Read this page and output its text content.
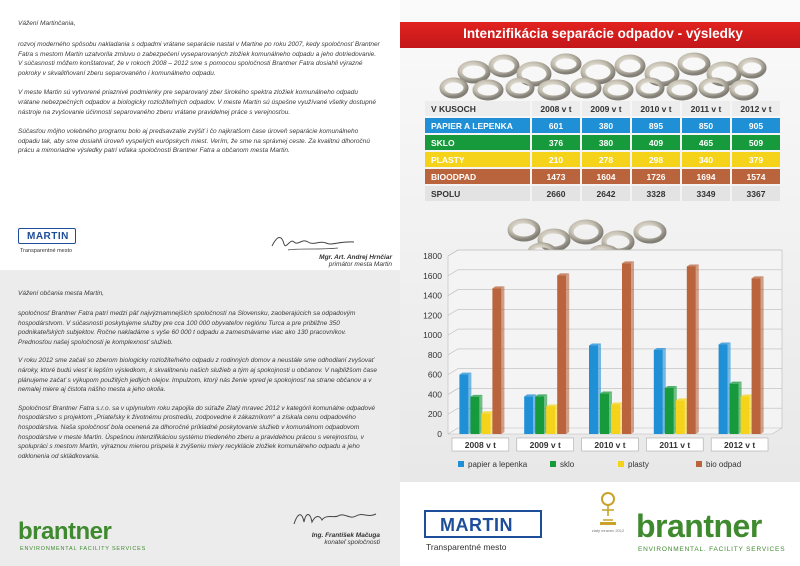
Vážení Martinčania,

rozvoj moderného spôsobu nakladania s odpadmi vrátane separácie nastal v Martine po roku 2007, kedy spoločnosť Brantner Fatra s mestom Martin uzatvorila zmluvu o zabezpečení vyseparovaných zložiek komunálneho odpadu a jeho dotriedovanie. V súčasnosti môžem konštatovať, že v rokoch 2008 – 2012 sme s pomocou spoločnosti Brantner Fatra dosiahli výrazné pokroky v skvalitňovaní zberu separovaného i komunálneho odpadu.

V meste Martin sú vytvorené priaznivé podmienky pre separovaný zber širokého spektra zložiek komunálneho odpadu vrátane nebezpečných odpadov a biologicky rozložiteľných odpadov. V meste Martin sú úspešne využívané všetky dostupné nástroje na zvyšovanie účinnosti separovaného zberu vrátane pravidelnej práce s verejnosťou.

Súčasťou môjho volebného programu bolo aj predsavzatie zvýšiť i čo najkratšom čase úroveň separácie komunálneho odpadu tak, aby sme dosiahli úroveň vyspelých európskych miest. Verím, že sme na správnej ceste. Za kvalitnú dlhoročnú prácu a mimoriadne výsledky patrí vďaka spoločnosti Brantner Fatra a občanom mesta Martin.

MARTIN
Transparentné mesto
Mgr. Art. Andrej Hrnčiar
primátor mesta Martin
Vážení občania mesta Martin,

spoločnosť Brantner Fatra patrí medzi päť najvýznamnejších spoločností na Slovensku, zaoberajúcich sa odpadovým hospodárstvom. V súčasnosti poskytujeme služby pre cca 100 000 obyvateľov regiónu Turca a pre približne 350 podnikateľských subjektov. Ročne nakladáme s vyše 60 000 t odpadu a zamestnávame viac ako 130 pracovníkov. Prednosťou našej spoločnosti je komplexnosť služieb.

V roku 2012 sme začali so zberom biologicky rozložiteľného odpadu z rodinných domov a neustále sme odhodlaní zvyšovať nároky, ktoré budú viesť k lepším výsledkom, k skvalitneniu našich služieb a tým aj spokojnosti u občanov. V najbližšom čase plánujeme začať s výkupom použitých jedlých olejov. Impulzom, ktorý nás ženie vpred je spokojnosť na strane občanov a v nemalej miere aj čistota nášho mesta a jeho okolia.

Spoločnosť Brantner Fatra s.r.o. sa v uplynulom roku zapojila do súťaže Zlatý mravec 2012 v kategórii komunálne odpadové hospodárstvo s projektom „Priateľsky k životnému prostrediu, zodpovedne k zákazníkom“ a získala cenu odpadového hospodárstva. Naša spoločnosť bola ocenená za dlhoročné príkladné poskytovanie služieb v komunálnom odpadovom hospodárstve v meste Martin. Úspešnou intenzifikáciou systému triedeného zberu a pravidelnou prácou s verejnosťou, v spolupráci s mestom Martin, výraznou mierou prispela k zvýšeniu miery recyklácie zložiek komunálneho odpadu a jeho odklonenia od skládkovania.

brantner
ENVIRONMENTAL FACILITY SERVICES
Ing. František Mačuga
konateľ spoločnosti
Intenzifikácia separácie odpadov - výsledky
V KUSOCH	2008 v t	2009 v t	2010 v t	2011 v t	2012 v t
PAPIER A LEPENKA	601	380	895	850	905
SKLO	376	380	409	465	509
PLASTY	210	278	298	340	379
BIOODPAD	1473	1604	1726	1694	1574
SPOLU	2660	2642	3328	3349	3367
0
200
400
600
800
1000
1200
1400
1600
1800
2008 v t	2009 v t	2010 v t	2011 v t	2012 v t
papier a lepenka	sklo	plasty	bio odpad
MARTIN
Transparentné mesto
zlatý mravec 2012 brantner
ENVIRONMENTAL. FACILITY SERVICES
